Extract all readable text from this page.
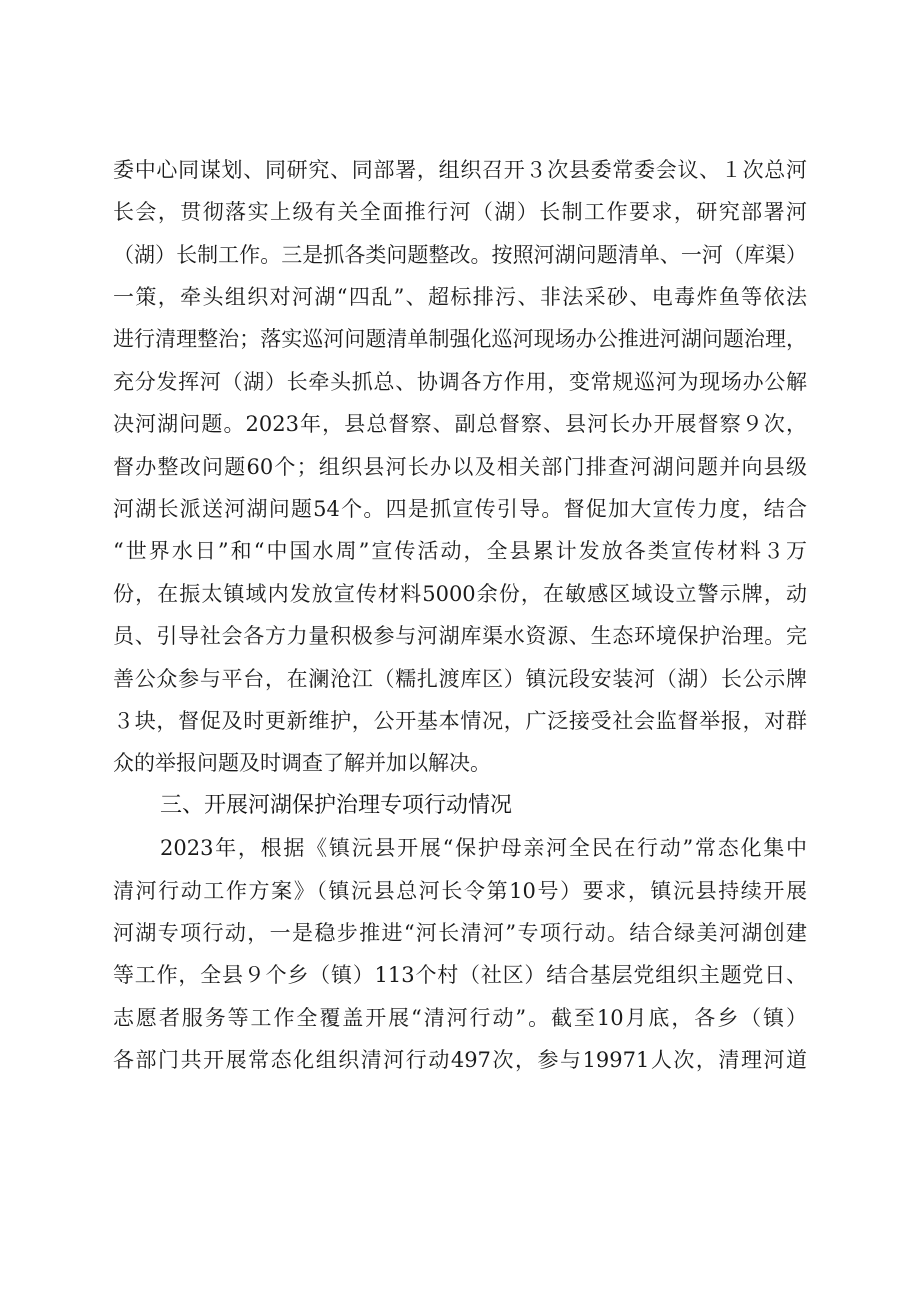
委中心同谋划、同研究、同部署，组织召开３次县委常委会议、１次总河
长会，贯彻落实上级有关全面推行河（湖）长制工作要求，研究部署河
（湖）长制工作。三是抓各类问题整改。按照河湖问题清单、一河（库渠）
一策，牵头组织对河湖“四乱”、超标排污、非法采砂、电毒炸鱼等依法
进行清理整治；落实巡河问题清单制强化巡河现场办公推进河湖问题治理，
充分发挥河（湖）长牵头抓总、协调各方作用，变常规巡河为现场办公解
决河湖问题。2023年，县总督察、副总督察、县河长办开展督察９次，
督办整改问题60个；组织县河长办以及相关部门排查河湖问题并向县级
河湖长派送河湖问题54个。四是抓宣传引导。督促加大宣传力度，结合
“世界水日”和“中国水周”宣传活动，全县累计发放各类宣传材料３万
份，在振太镇域内发放宣传材料5000余份，在敏感区域设立警示牌，动
员、引导社会各方力量积极参与河湖库渠水资源、生态环境保护治理。完
善公众参与平台，在澜沧江（糯扎渡库区）镇沅段安装河（湖）长公示牌
３块，督促及时更新维护，公开基本情况，广泛接受社会监督举报，对群
众的举报问题及时调查了解并加以解决。
三、开展河湖保护治理专项行动情况
2023年，根据《镇沅县开展“保护母亲河全民在行动”常态化集中
清河行动工作方案》（镇沅县总河长令第10号）要求，镇沅县持续开展
河湖专项行动，一是稳步推进“河长清河”专项行动。结合绿美河湖创建
等工作，全县９个乡（镇）113个村（社区）结合基层党组织主题党日、
志愿者服务等工作全覆盖开展“清河行动”。截至10月底，各乡（镇）
各部门共开展常态化组织清河行动497次，参与19971人次，清理河道
